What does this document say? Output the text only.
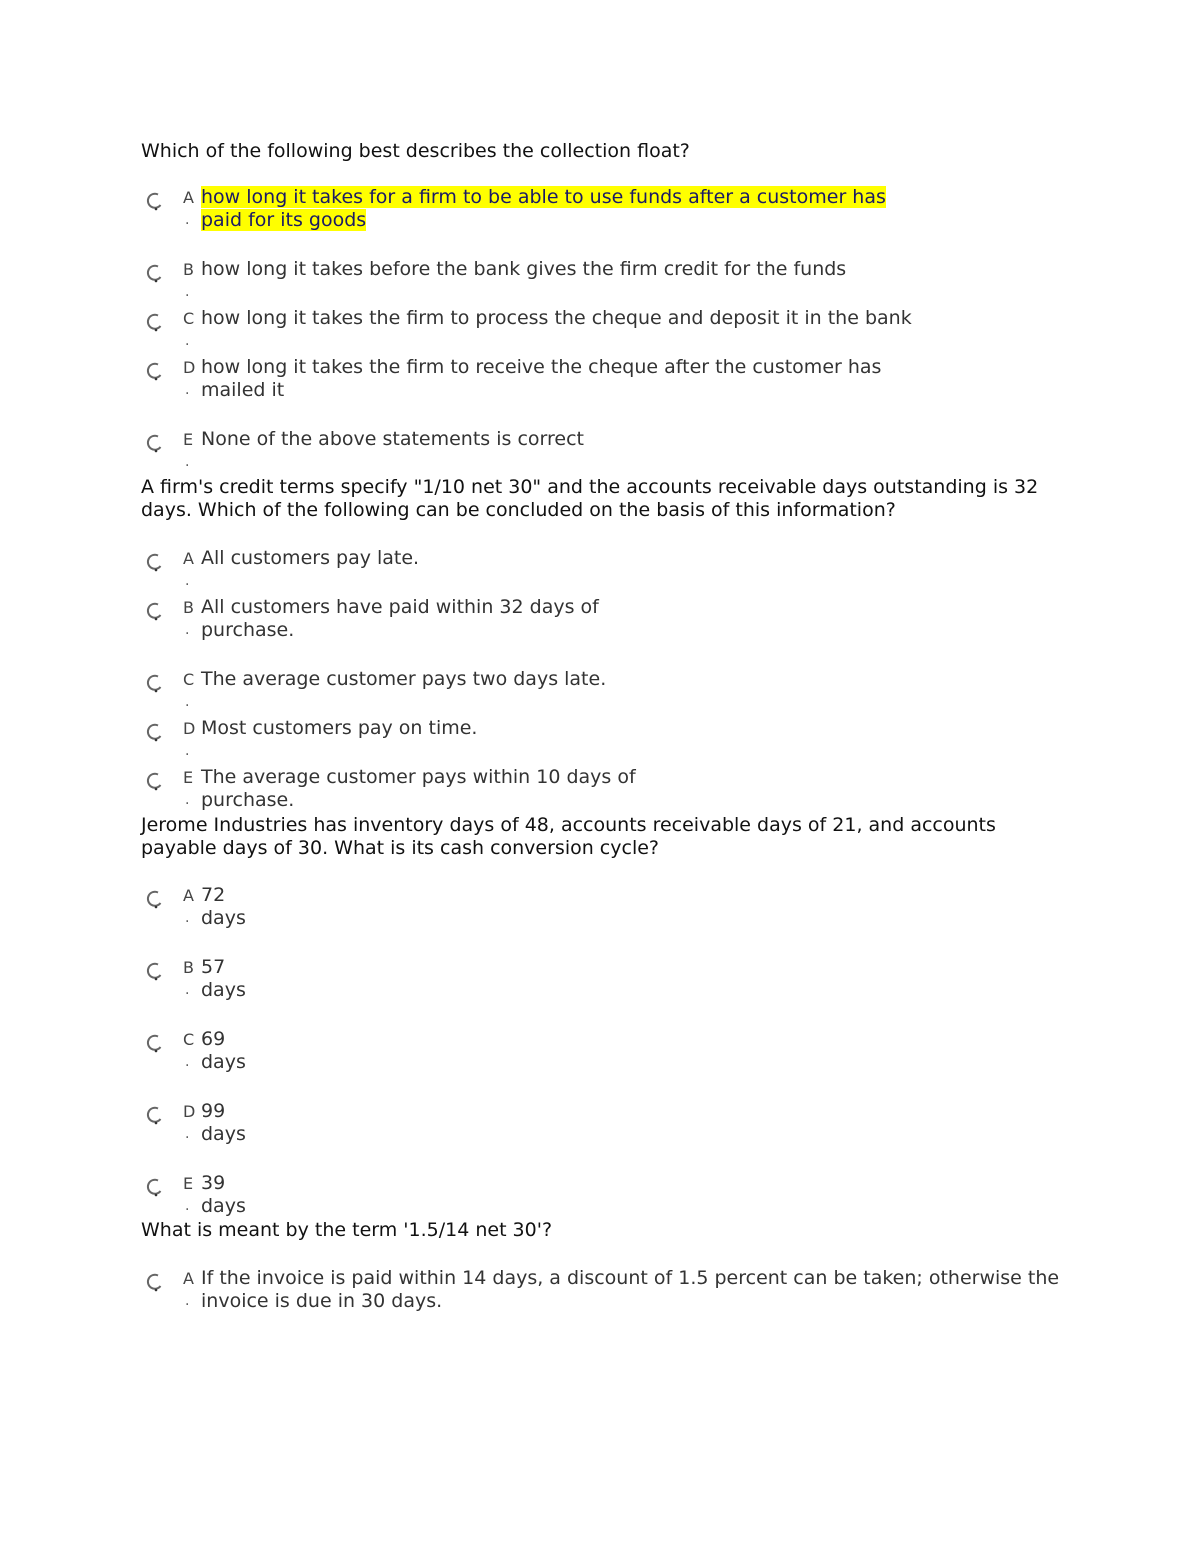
Which of the following best describes the collection float?

A
.
how long it takes for a firm to be able to use funds after a customer has paid for its goods
B
.
how long it takes before the bank gives the firm credit for the funds
C
.
how long it takes the firm to process the cheque and deposit it in the bank
D
.
how long it takes the firm to receive the cheque after the customer has mailed it
E
.
None of the above statements is correct

A firm's credit terms specify "1/10 net 30" and the accounts receivable days outstanding is 32 days. Which of the following can be concluded on the basis of this information?

A
.
All customers pay late.
B
.
All customers have paid within 32 days of purchase.
C
.
The average customer pays two days late.
D
.
Most customers pay on time.
E
.
The average customer pays within 10 days of purchase.

Jerome Industries has inventory days of 48, accounts receivable days of 21, and accounts payable days of 30. What is its cash conversion cycle?

A
.
72 days
B
.
57 days
C
.
69 days
D
.
99 days
E
.
39 days

What is meant by the term '1.5/14 net 30'?

A
.
If the invoice is paid within 14 days, a discount of 1.5 percent can be taken; otherwise the invoice is due in 30 days.
